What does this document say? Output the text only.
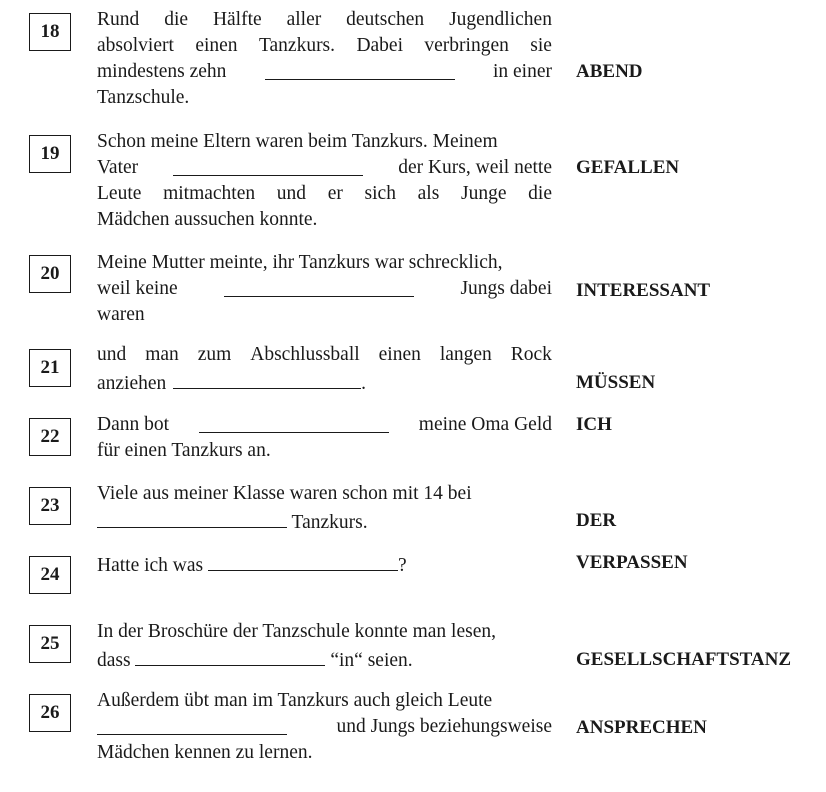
18
Rund die Hälfte aller deutschen Jugendlichen
absolviert einen Tanzkurs. Dabei verbringen sie
mindestens zehn	in einer
Tanzschule.
ABEND
19
Schon meine Eltern waren beim Tanzkurs. Meinem
Vater	der Kurs, weil nette
Leute mitmachten und er sich als Junge die
Mädchen aussuchen konnte.
GEFALLEN
20
Meine Mutter meinte, ihr Tanzkurs war schrecklich,
weil keine	Jungs dabei
waren
INTERESSANT
21
und man zum Abschlussball einen langen Rock
anziehen	.	MÜSSEN
22
Dann bot	meine Oma Geld
für einen Tanzkurs an.
ICH
23
Viele aus meiner Klasse waren schon mit 14 bei
Tanzkurs.	DER
24 Hatte ich was	?	VERPASSEN
25
In der Broschüre der Tanzschule konnte man lesen,
dass	“in“ seien.	GESELLSCHAFTSTANZ
26
Außerdem übt man im Tanzkurs auch gleich Leute
und Jungs beziehungsweise
Mädchen kennen zu lernen.
ANSPRECHEN
